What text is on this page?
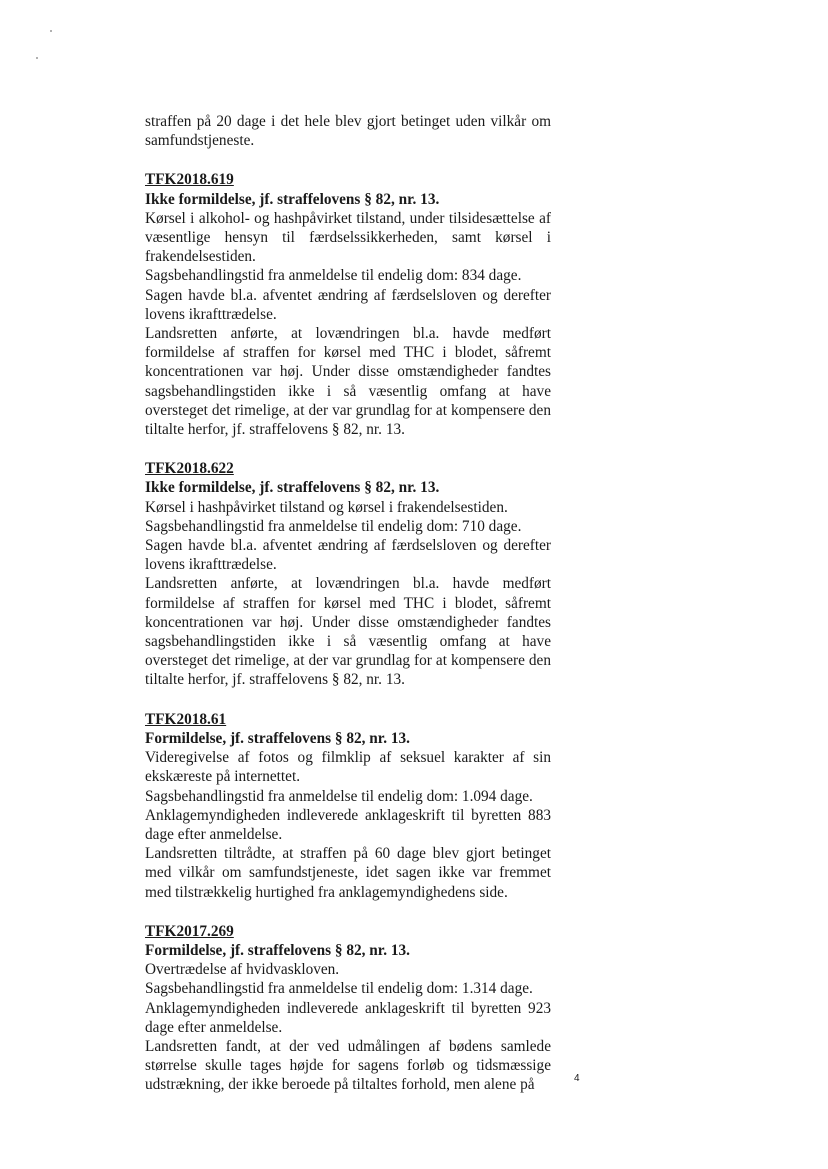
straffen på 20 dage i det hele blev gjort betinget uden vilkår om samfundstjeneste.

TFK2018.619
Ikke formildelse, jf. straffelovens § 82, nr. 13.

Kørsel i alkohol- og hashpåvirket tilstand, under tilsidesættelse af væsentlige hensyn til færdselssikkerheden, samt kørsel i frakendelsestiden.

Sagsbehandlingstid fra anmeldelse til endelig dom: 834 dage.

Sagen havde bl.a. afventet ændring af færdselsloven og derefter lovens ikrafttrædelse.

Landsretten anførte, at lovændringen bl.a. havde medført formildelse af straffen for kørsel med THC i blodet, såfremt koncentrationen var høj. Under disse omstændigheder fandtes sagsbehandlingstiden ikke i så væsentlig omfang at have oversteget det rimelige, at der var grundlag for at kompensere den tiltalte herfor, jf. straffelovens § 82, nr. 13.

TFK2018.622
Ikke formildelse, jf. straffelovens § 82, nr. 13.

Kørsel i hashpåvirket tilstand og kørsel i frakendelsestiden.

Sagsbehandlingstid fra anmeldelse til endelig dom: 710 dage.

Sagen havde bl.a. afventet ændring af færdselsloven og derefter lovens ikrafttrædelse.

Landsretten anførte, at lovændringen bl.a. havde medført formildelse af straffen for kørsel med THC i blodet, såfremt koncentrationen var høj. Under disse omstændigheder fandtes sagsbehandlingstiden ikke i så væsentlig omfang at have oversteget det rimelige, at der var grundlag for at kompensere den tiltalte herfor, jf. straffelovens § 82, nr. 13.

TFK2018.61
Formildelse, jf. straffelovens § 82, nr. 13.

Videregivelse af fotos og filmklip af seksuel karakter af sin ekskæreste på internettet.

Sagsbehandlingstid fra anmeldelse til endelig dom: 1.094 dage.

Anklagemyndigheden indleverede anklageskrift til byretten 883 dage efter anmeldelse.

Landsretten tiltrådte, at straffen på 60 dage blev gjort betinget med vilkår om samfundstjeneste, idet sagen ikke var fremmet med tilstrækkelig hurtighed fra anklagemyndighedens side.

TFK2017.269
Formildelse, jf. straffelovens § 82, nr. 13.

Overtrædelse af hvidvaskloven.

Sagsbehandlingstid fra anmeldelse til endelig dom: 1.314 dage.

Anklagemyndigheden indleverede anklageskrift til byretten 923 dage efter anmeldelse.

Landsretten fandt, at der ved udmålingen af bødens samlede størrelse skulle tages højde for sagens forløb og tidsmæssige udstrækning, der ikke beroede på tiltaltes forhold, men alene på	4
